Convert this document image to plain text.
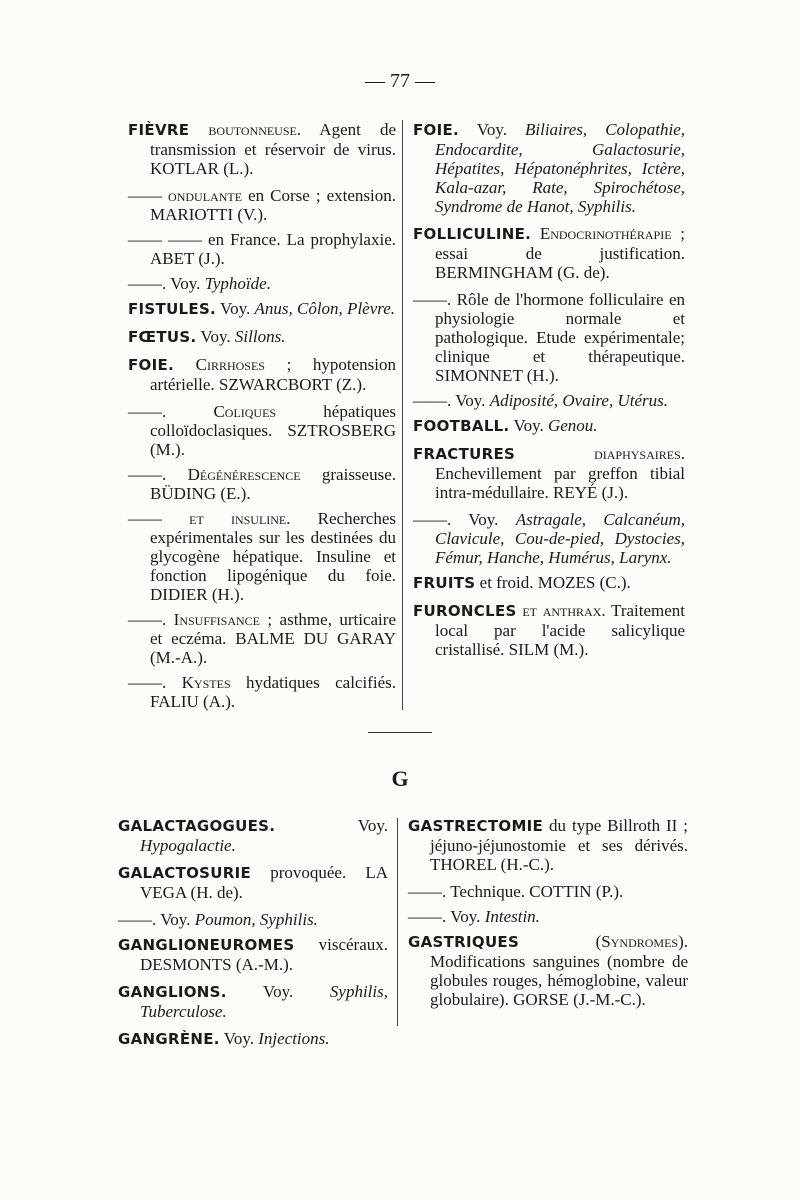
— 77 —
FIÈVRE boutonneuse. Agent de transmission et réservoir de virus. KOTLAR (L.).
—— ondulante en Corse ; extension. MARIOTTI (V.).
—— —— en France. La prophylaxie. ABET (J.).
——. Voy. Typhoïde.
FISTULES. Voy. Anus, Côlon, Plèvre.
FŒTUS. Voy. Sillons.
FOIE. Cirrhoses ; hypotension artérielle. SZWARCBORT (Z.).
——.	Coliques	hépatiques colloïdoclasiques. SZTROSBERG (M.).
——. Dégénérescence graisseuse. BÜDING (E.).
—— et insuline. Recherches expérimentales sur les destinées du glycogène hépatique. Insuline et fonction lipogénique du foie. DIDIER (H.).
——. Insuffisance ; asthme, urticaire et eczéma. BALME DU GARAY (M.-A.).
——. Kystes hydatiques calcifiés. FALIU (A.).
FOIE. Voy. Biliaires, Colopathie, Endocardite, Galactosurie, Hépatites, Hépatonéphrites, Ictère, Kala-azar, Rate, Spirochétose, Syndrome de Hanot, Syphilis.
FOLLICULINE. Endocrinothérapie ; essai de justification. BERMINGHAM (G. de).
——. Rôle de l'hormone folliculaire en physiologie normale et pathologique. Etude expérimentale; clinique et thérapeutique. SIMONNET (H.).
——. Voy. Adiposité, Ovaire, Utérus.
FOOTBALL. Voy. Genou.
FRACTURES	diaphysaires. Enchevillement par greffon tibial intra-médullaire. REYÉ (J.).
——. Voy. Astragale, Calcanéum, Clavicule, Cou-de-pied, Dystocies, Fémur, Hanche, Humérus, Larynx.
FRUITS et froid. MOZES (C.).
FURONCLES et anthrax. Traitement local par l'acide salicylique cristallisé. SILM (M.).
G
GALACTAGOGUES.	Voy. Hypogalactie.
GALACTOSURIE provoquée. LA VEGA (H. de).
——. Voy. Poumon, Syphilis.
GANGLIONEUROMES viscéraux. DESMONTS (A.-M.).
GANGLIONS. Voy. Syphilis, Tuberculose.
GANGRÈNE. Voy. Injections.
GASTRECTOMIE du type Billroth II ; jéjuno-jéjunostomie et ses dérivés. THOREL (H.-C.).
——. Technique. COTTIN (P.).
——. Voy. Intestin.
GASTRIQUES	(Syndromes). Modifications sanguines (nombre de globules rouges, hémoglobine, valeur globulaire). GORSE (J.-M.-C.).
